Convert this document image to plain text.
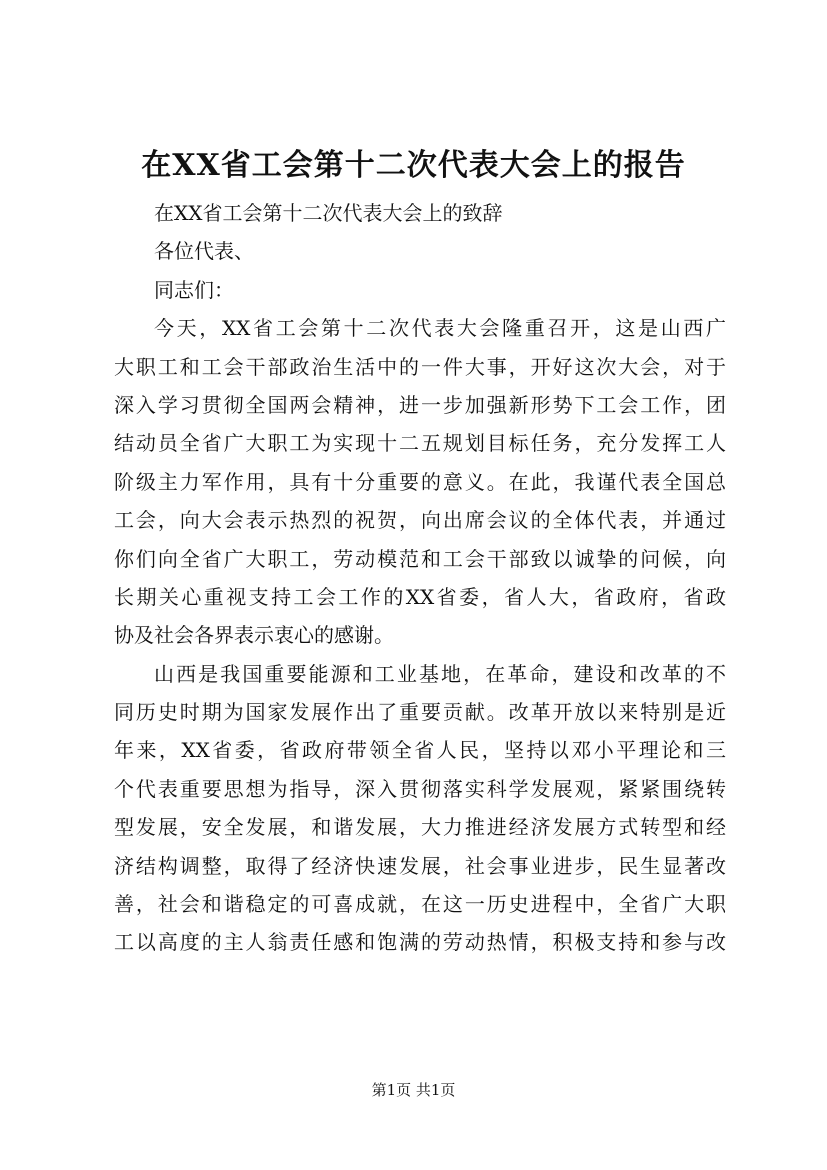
在XX省工会第十二次代表大会上的报告
在XX省工会第十二次代表大会上的致辞
各位代表、
同志们：
今天，XX省工会第十二次代表大会隆重召开，这是山西广
大职工和工会干部政治生活中的一件大事，开好这次大会，对于
深入学习贯彻全国两会精神，进一步加强新形势下工会工作，团
结动员全省广大职工为实现十二五规划目标任务，充分发挥工人
阶级主力军作用，具有十分重要的意义。在此，我谨代表全国总
工会，向大会表示热烈的祝贺，向出席会议的全体代表，并通过
你们向全省广大职工，劳动模范和工会干部致以诚挚的问候，向
长期关心重视支持工会工作的XX省委，省人大，省政府，省政
协及社会各界表示衷心的感谢。
山西是我国重要能源和工业基地，在革命，建设和改革的不
同历史时期为国家发展作出了重要贡献。改革开放以来特别是近
年来，XX省委，省政府带领全省人民，坚持以邓小平理论和三
个代表重要思想为指导，深入贯彻落实科学发展观，紧紧围绕转
型发展，安全发展，和谐发展，大力推进经济发展方式转型和经
济结构调整，取得了经济快速发展，社会事业进步，民生显著改
善，社会和谐稳定的可喜成就，在这一历史进程中，全省广大职
工以高度的主人翁责任感和饱满的劳动热情，积极支持和参与改
第1页 共1页
